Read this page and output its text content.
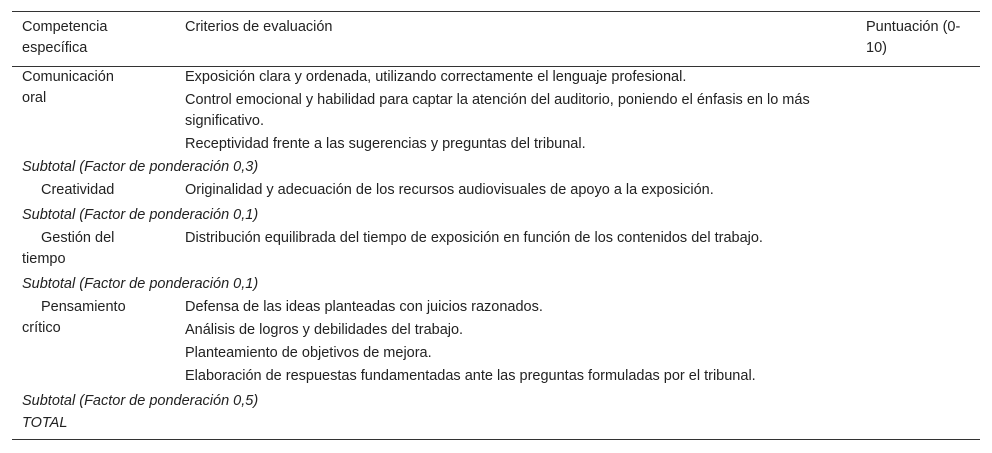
Competencia específica
Criterios de evaluación	Puntuación (0-10)
Comunicación oral
Exposición clara y ordenada, utilizando correctamente el lenguaje profesional.
Control emocional y habilidad para captar la atención del auditorio, poniendo el énfasis en lo más significativo.
Receptividad frente a las sugerencias y preguntas del tribunal.
Subtotal (Factor de ponderación 0,3)
Creatividad	Originalidad y adecuación de los recursos audiovisuales de apoyo a la exposición.
Subtotal (Factor de ponderación 0,1)
Gestión del tiempo
Distribución equilibrada del tiempo de exposición en función de los contenidos del trabajo.
Subtotal (Factor de ponderación 0,1)
Pensamiento crítico
Defensa de las ideas planteadas con juicios razonados.
Análisis de logros y debilidades del trabajo.
Planteamiento de objetivos de mejora.
Elaboración de respuestas fundamentadas ante las preguntas formuladas por el tribunal.
Subtotal (Factor de ponderación 0,5)
TOTAL
